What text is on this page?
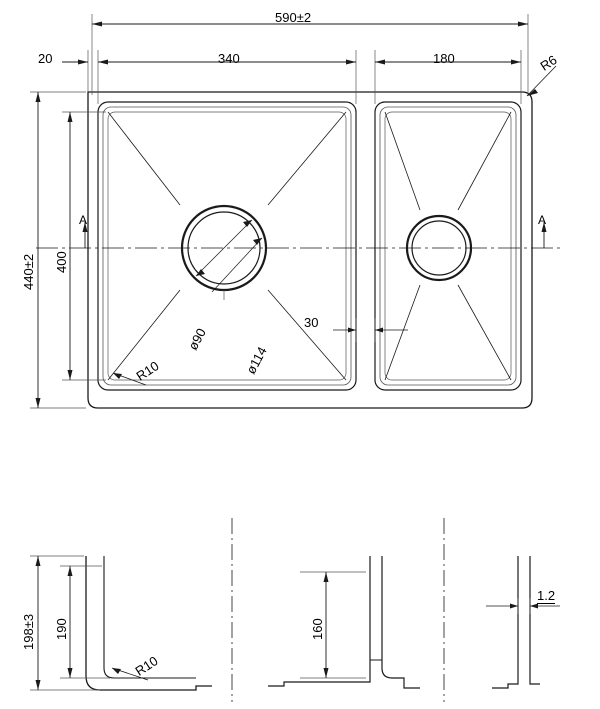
590±2
20	340	180	R6
440±2 400
A	A
ø90
ø114
30
R10
198±3 190	160
R10
1.2
